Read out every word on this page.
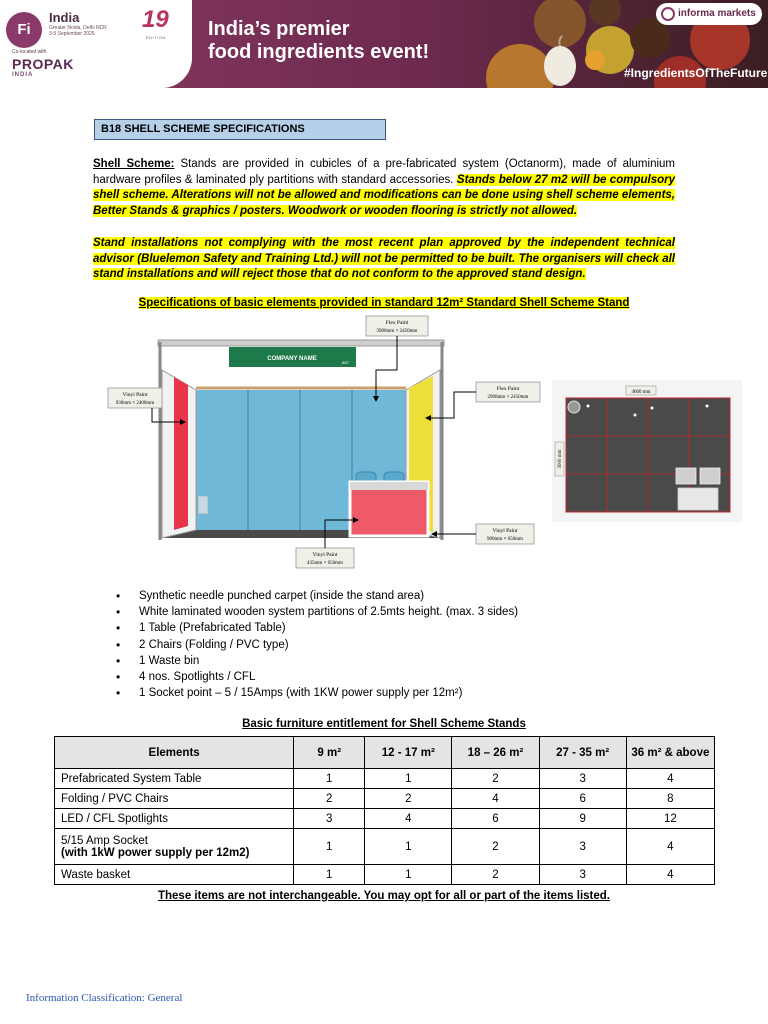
Fi
India
Greater Noida, Delhi NCR
3-5 September 2025
19
EDITION
Co-located with
PROPAK
INDIA
India’s premier
food ingredients event!
informa markets
#IngredientsOfTheFuture
B18 SHELL SCHEME SPECIFICATIONS
Shell Scheme: Stands are provided in cubicles of a pre-fabricated system (Octanorm), made of aluminium hardware profiles & laminated ply partitions with standard accessories. Stands below 27 m2 will be compulsory shell scheme. Alterations will not be allowed and modifications can be done using shell scheme elements, Better Stands & graphics / posters. Woodwork or wooden flooring is strictly not allowed.
Stand installations not complying with the most recent plan approved by the independent technical advisor (Bluelemon Safety and Training Ltd.) will not be permitted to be built. The organisers will check all stand installations and will reject those that do not conform to the approved stand design.
Specifications of basic elements provided in standard 12m² Standard Shell Scheme Stand
COMPANY NAME
A57
Flex Paint
3900mm × 2450mm
Vinyl Paint
930mm × 2400mm
Flex Paint
2900mm × 2450mm
Vinyl Paint
900mm × 650mm
Vinyl Paint
435mm × 650mm
4000 mm
3000 mm
• Synthetic needle punched carpet (inside the stand area)
• White laminated wooden system partitions of 2.5mts height. (max. 3 sides)
• 1 Table (Prefabricated Table)
• 2 Chairs (Folding / PVC type)
• 1 Waste bin
• 4 nos. Spotlights / CFL
• 1 Socket point – 5 / 15Amps (with 1KW power supply per 12m²)
Basic furniture entitlement for Shell Scheme Stands
Elements	9 m²	12 - 17 m²	18 – 26 m²	27 - 35 m²	36 m² & above
Prefabricated System Table	1	1	2	3	4
Folding / PVC Chairs	2	2	4	6	8
LED / CFL Spotlights	3	4	6	9	12
5/15 Amp Socket
(with 1kW power supply per 12m2)	1	1	2	3	4
Waste basket	1	1	2	3	4
These items are not interchangeable. You may opt for all or part of the items listed.
Information Classification: General
